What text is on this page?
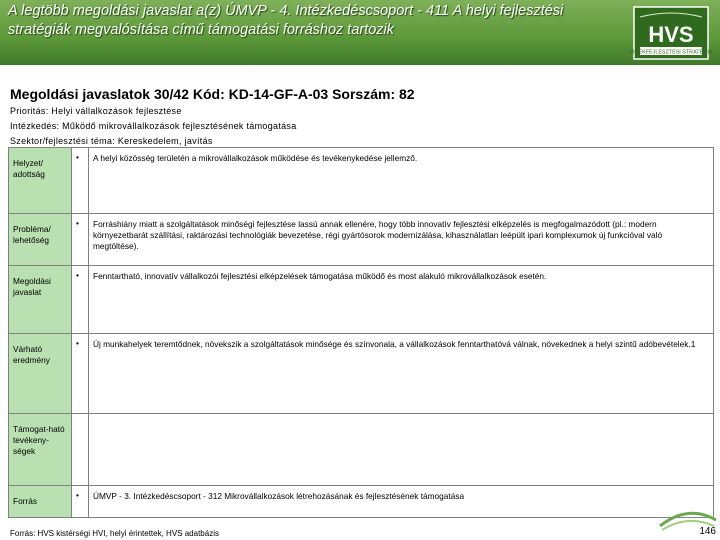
A legtöbb megoldási javaslat a(z) ÚMVP - 4. Intézkedéscsoport - 411 A helyi fejlesztési stratégiák megvalósítása című támogatási forráshoz tartozik	HVS
VIDÉKFEJLESZTÉSI STRATÉGIA
Megoldási javaslatok 30/42 Kód: KD-14-GF-A-03 Sorszám: 82
Prioritás: Helyi vállalkozások fejlesztése
Intézkedés: Működő mikrovállalkozások fejlesztésének támogatása
Szektor/fejlesztési téma: Kereskedelem, javítás
Helyzet/ adottság	•	A helyi közösség területén a mikrovállalkozások működése és tevékenykedése jellemző.
Probléma/ lehetőség	•	Forráshiány miatt a szolgáltatások minőségi fejlesztése lassú annak ellenére, hogy több innovatív fejlesztési elképzelés is megfogalmazódott (pl.: modern környezetbarát szállítási, raktározási technológiák bevezetése, régi gyártósorok modernizálása, kihasználatlan leépült ipari komplexumok új funkcióval való megtöltése).
Megoldási javaslat	•	Fenntartható, innovatív vállalkozói fejlesztési elképzelések támogatása működő és most alakuló mikrovállalkozások esetén.
Várható eredmény	•	Új munkahelyek teremtődnek, növekszik a szolgáltatások minősége és színvonala, a vállalkozások fenntarthatóvá válnak, növekednek a helyi szintű adóbevételek.1
Támogat-ható tevékeny-ségek		
Forrás	•	ÚMVP - 3. Intézkedéscsoport - 312 Mikrovállalkozások létrehozásának és fejlesztésének támogatása
Forrás: HVS kistérségi HVI, helyi érintettek, HVS adatbázis	146
